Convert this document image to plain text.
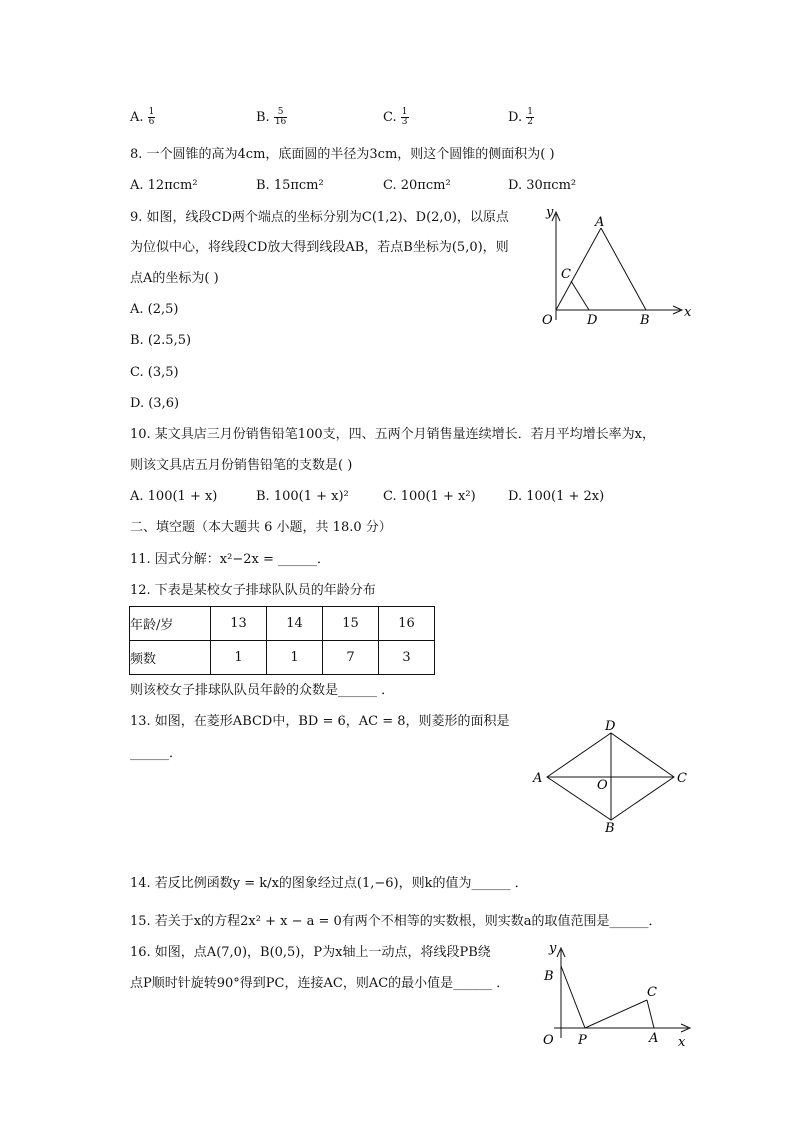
A. $\frac{1}{6}$	B. $\frac{5}{16}$	C. $\frac{1}{3}$	D. $\frac{1}{2}$
8. 一个圆锥的高为4cm，底面圆的半径为3cm，则这个圆锥的侧面积为( )
A. 12πcm²	B. 15πcm²	C. 20πcm²	D. 30πcm²
9. 如图，线段CD两个端点的坐标分别为C(1,2)、D(2,0)，以原点
为位似中心，将线段CD放大得到线段AB，若点B坐标为(5,0)，则
点A的坐标为( )
A. (2,5)
B. (2.5,5)
C. (3,5)
D. (3,6)
y
x
O
A
C
D	B
10. 某文具店三月份销售铅笔100支，四、五两个月销售量连续增长．若月平均增长率为x，
则该文具店五月份销售铅笔的支数是( )
A. 100(1 + x)	B. 100(1 + x)²	C. 100(1 + x²) D. 100(1 + 2x)
二、填空题（本大题共 6 小题，共 18.0 分）
11. 因式分解：x²−2x = ______．
12. 下表是某校女子排球队队员的年龄分布
年龄/岁	13	14	15	16
频数	1	1	7	3
则该校女子排球队队员年龄的众数是______ ．
13. 如图，在菱形ABCD中，BD = 6，AC = 8，则菱形的面积是
______．
A	C
D
B
O
14. 若反比例函数y = k/x的图象经过点(1,−6)，则k的值为______ ．
15. 若关于x的方程2x² + x − a = 0有两个不相等的实数根，则实数a的取值范围是______．
16. 如图，点A(7,0)，B(0,5)，P为x轴上一动点，将线段PB绕
点P顺时针旋转90°得到PC，连接AC，则AC的最小值是______ ．
y
x
O
B
P
C
A
